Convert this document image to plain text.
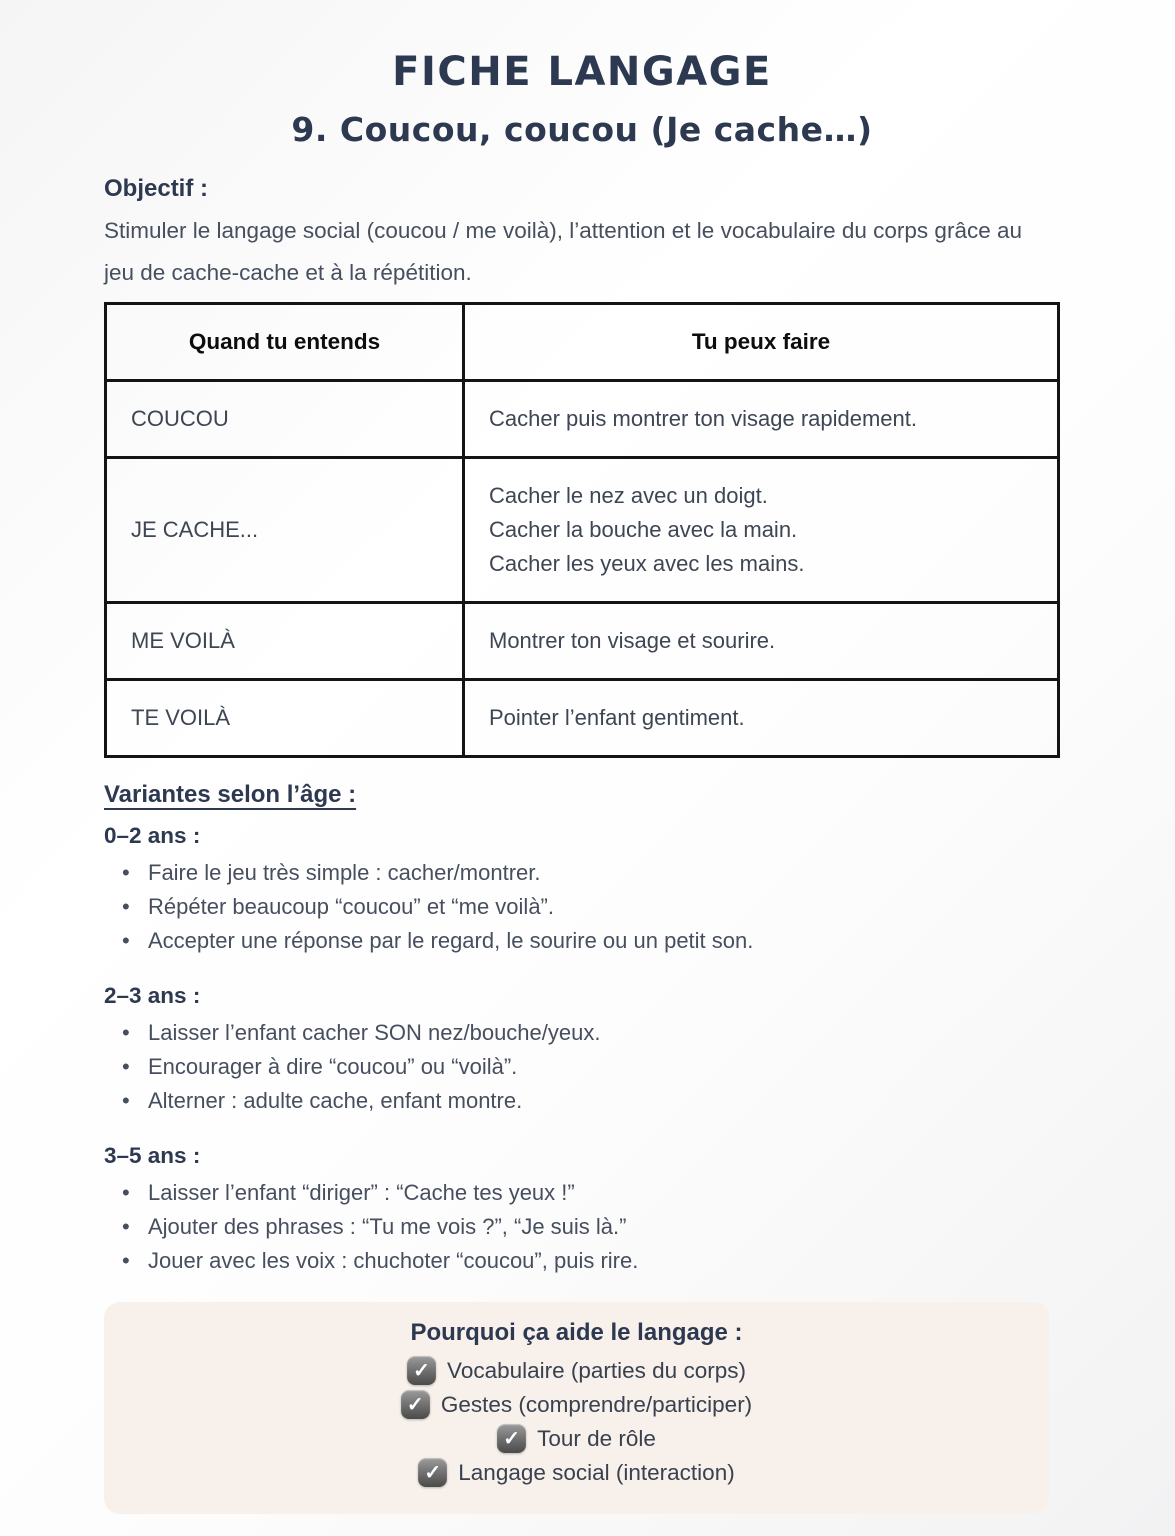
FICHE LANGAGE
9. Coucou, coucou (Je cache…)
Objectif :

Stimuler le langage social (coucou / me voilà), l’attention et le vocabulaire du corps grâce au jeu de cache-cache et à la répétition.

Quand tu entends	Tu peux faire
COUCOU	Cacher puis montrer ton visage rapidement.

JE CACHE...	Cacher le nez avec un doigt.
Cacher la bouche avec la main.
Cacher les yeux avec les mains.

ME VOILÀ	Montrer ton visage et sourire.

TE VOILÀ	Pointer l’enfant gentiment.
Variantes selon l’âge :
0–2 ans :
• Faire le jeu très simple : cacher/montrer.
• Répéter beaucoup “coucou” et “me voilà”.
• Accepter une réponse par le regard, le sourire ou un petit son.
2–3 ans :
• Laisser l’enfant cacher SON nez/bouche/yeux.
• Encourager à dire “coucou” ou “voilà”.
• Alterner : adulte cache, enfant montre.
3–5 ans :
• Laisser l’enfant “diriger” : “Cache tes yeux !”
• Ajouter des phrases : “Tu me vois ?”, “Je suis là.”
• Jouer avec les voix : chuchoter “coucou”, puis rire.
Pourquoi ça aide le langage :
✓ Vocabulaire (parties du corps)
✓ Gestes (comprendre/participer)
✓ Tour de rôle
✓ Langage social (interaction)
